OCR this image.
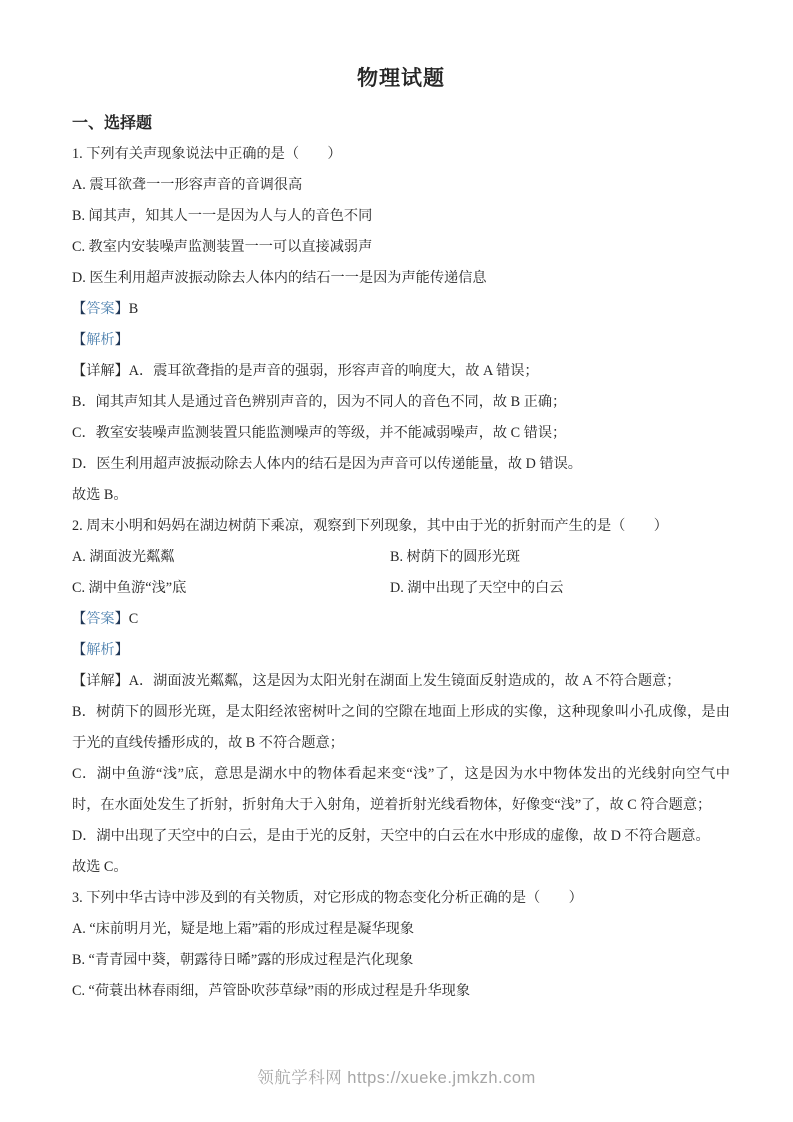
物理试题
一、选择题

1. 下列有关声现象说法中正确的是（　　）

A. 震耳欲聋一一形容声音的音调很高

B. 闻其声，知其人一一是因为人与人的音色不同

C. 教室内安装噪声监测装置一一可以直接减弱声

D. 医生利用超声波振动除去人体内的结石一一是因为声能传递信息

【答案】B

【解析】

【详解】A．震耳欲聋指的是声音的强弱，形容声音的响度大，故 A 错误；

B．闻其声知其人是通过音色辨别声音的，因为不同人的音色不同，故 B 正确；

C．教室安装噪声监测装置只能监测噪声的等级，并不能减弱噪声，故 C 错误；

D．医生利用超声波振动除去人体内的结石是因为声音可以传递能量，故 D 错误。

故选 B。

2. 周末小明和妈妈在湖边树荫下乘凉，观察到下列现象，其中由于光的折射而产生的是（　　）

A. 湖面波光粼粼	B. 树荫下的圆形光斑

C. 湖中鱼游“浅”底	D. 湖中出现了天空中的白云

【答案】C

【解析】

【详解】A．湖面波光粼粼，这是因为太阳光射在湖面上发生镜面反射造成的，故 A 不符合题意；

B．树荫下的圆形光斑，是太阳经浓密树叶之间的空隙在地面上形成的实像，这种现象叫小孔成像，是由于光的直线传播形成的，故 B 不符合题意；

C．湖中鱼游“浅”底，意思是湖水中的物体看起来变“浅”了，这是因为水中物体发出的光线射向空气中时，在水面处发生了折射，折射角大于入射角，逆着折射光线看物体，好像变“浅”了，故 C 符合题意；

D．湖中出现了天空中的白云，是由于光的反射，天空中的白云在水中形成的虚像，故 D 不符合题意。

故选 C。

3. 下列中华古诗中涉及到的有关物质，对它形成的物态变化分析正确的是（　　）

A. “床前明月光，疑是地上霜”霜的形成过程是凝华现象

B. “青青园中葵，朝露待日晞”露的形成过程是汽化现象

C. “荷蓑出林春雨细，芦管卧吹莎草绿”雨的形成过程是升华现象

领航学科网 https://xueke.jmkzh.com
